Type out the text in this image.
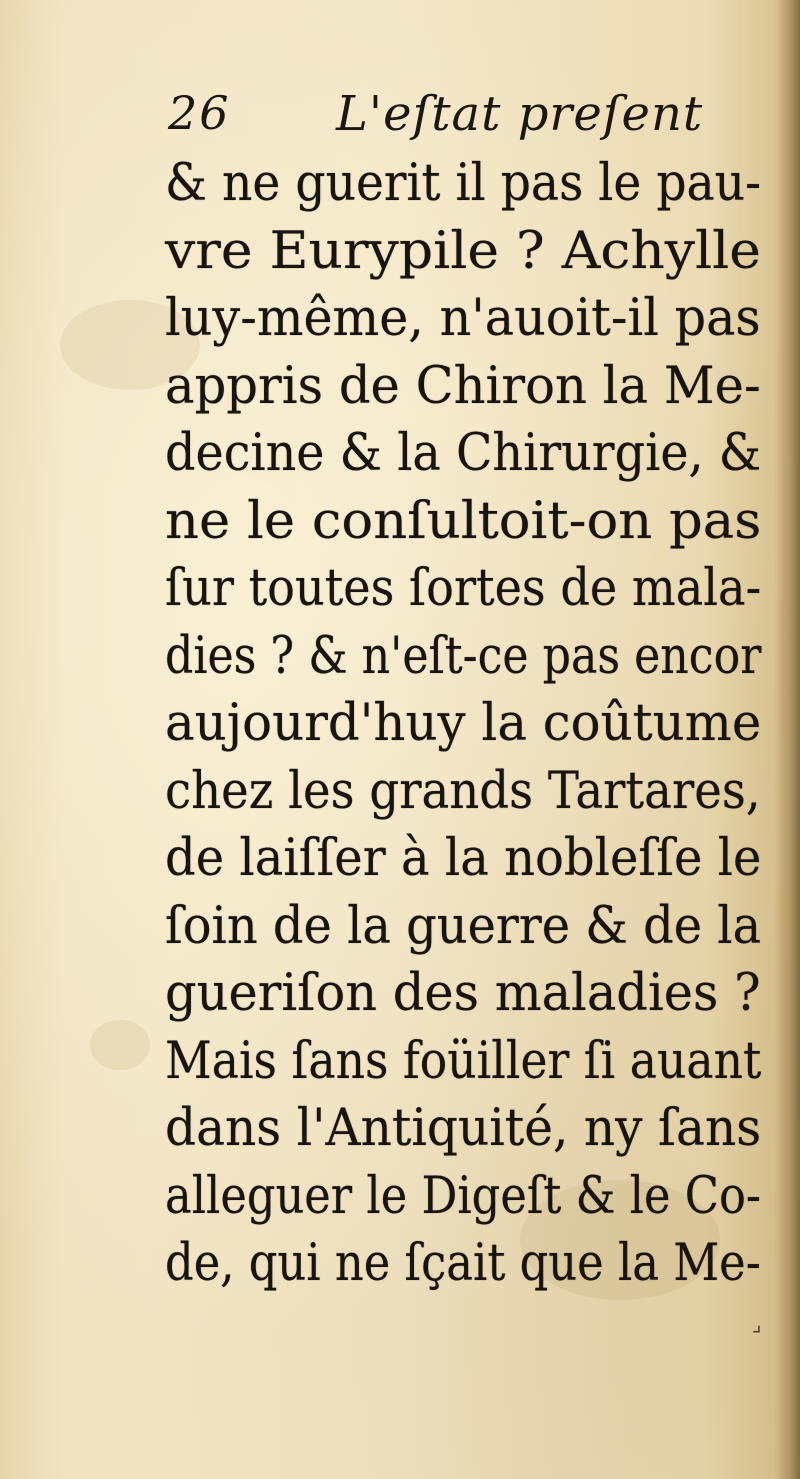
26 L'eſtat preſent
& ne guerit il pas le pau-
vre Eurypile ? Achylle
luy-même, n'auoit-il pas
appris de Chiron la Me-
decine & la Chirurgie, &
ne le conſultoit-on pas
ſur toutes ſortes de mala-
dies ? & n'eſt-ce pas encor
aujourd'huy la coûtume
chez les grands Tartares,
de laiſſer à la nobleſſe le
ſoin de la guerre & de la
gueriſon des maladies ?
Mais ſans foüiller ſi auant
dans l'Antiquité, ny ſans
alleguer le Digeſt & le Co-
de, qui ne ſçait que la Me-
⌟
